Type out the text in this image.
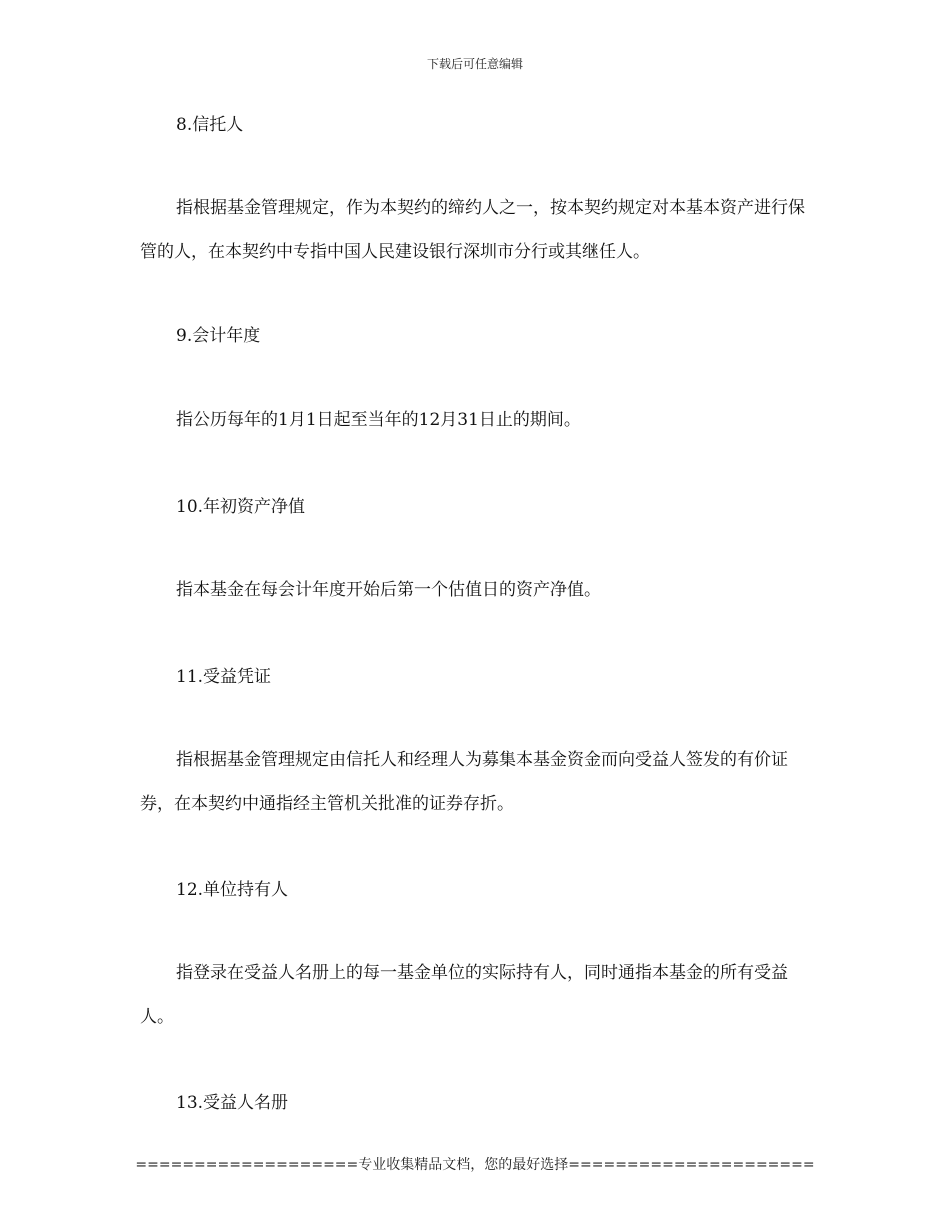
下载后可任意编辑
8.信托人
指根据基金管理规定，作为本契约的缔约人之一，按本契约规定对本基本资产进行保管的人，在本契约中专指中国人民建设银行深圳市分行或其继任人。
9.会计年度
指公历每年的1月1日起至当年的12月31日止的期间。
10.年初资产净值
指本基金在每会计年度开始后第一个估值日的资产净值。
11.受益凭证
指根据基金管理规定由信托人和经理人为募集本基金资金而向受益人签发的有价证券，在本契约中通指经主管机关批准的证券存折。
12.单位持有人
指登录在受益人名册上的每一基金单位的实际持有人，同时通指本基金的所有受益人。
13.受益人名册
===================专业收集精品文档，您的最好选择=====================
